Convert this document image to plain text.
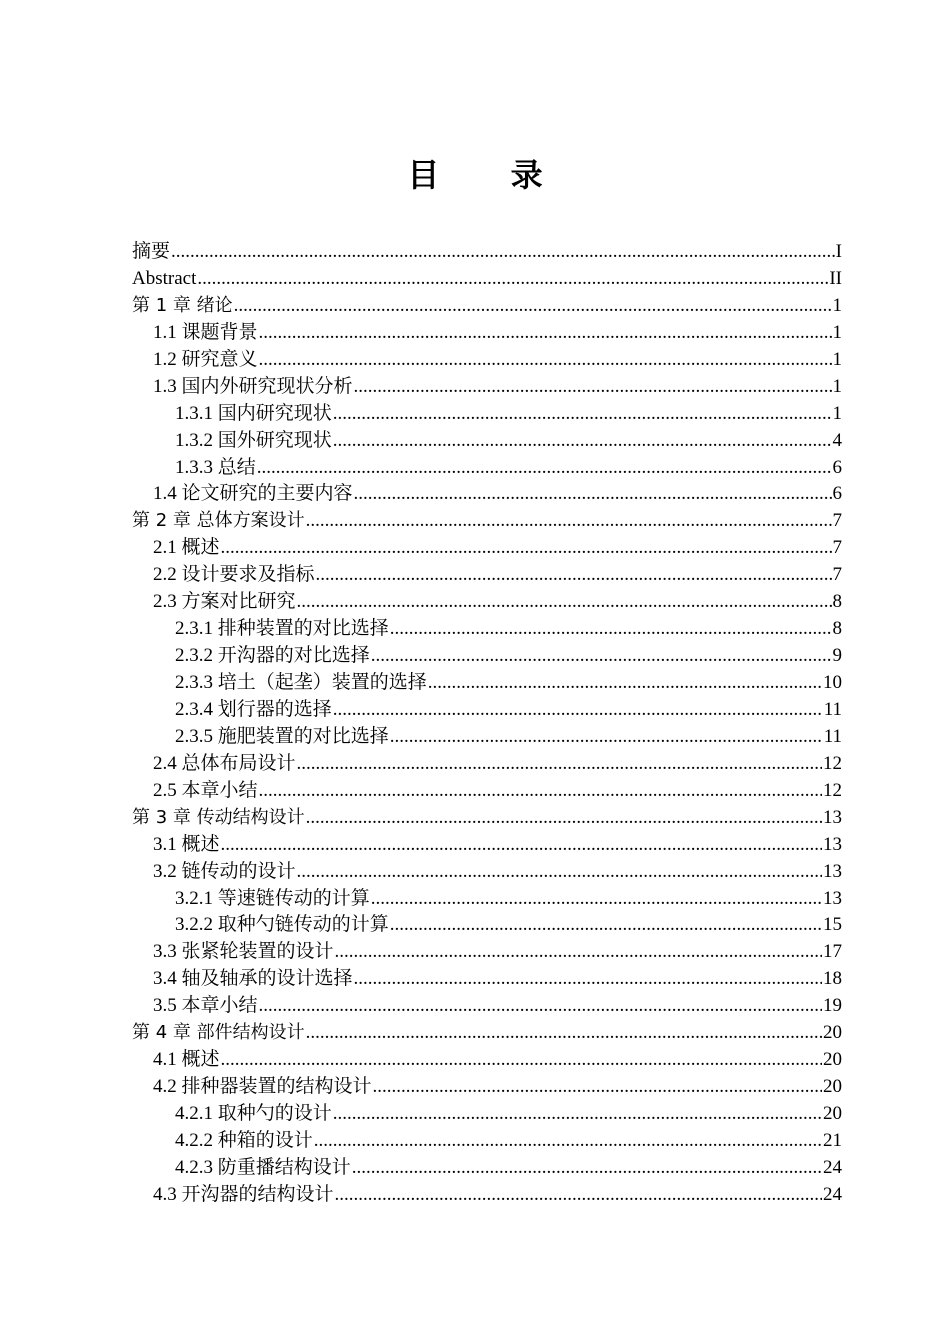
目 录
摘要 .....	I
Abstract .....	II
第 1 章 绪论 .....	1
1.1 课题背景 .....	1
1.2 研究意义 .....	1
1.3 国内外研究现状分析 .....	1
1.3.1 国内研究现状 .....	1
1.3.2 国外研究现状 .....	4
1.3.3 总结 .....	6
1.4 论文研究的主要内容 .....	6
第 2 章 总体方案设计 .....	7
2.1 概述 .....	7
2.2 设计要求及指标 .....	7
2.3 方案对比研究 .....	8
2.3.1 排种装置的对比选择 .....	8
2.3.2 开沟器的对比选择 .....	9
2.3.3 培土（起垄）装置的选择 .....	10
2.3.4 划行器的选择 .....	11
2.3.5 施肥装置的对比选择 .....	11
2.4 总体布局设计 .....	12
2.5 本章小结 .....	12
第 3 章 传动结构设计 .....	13
3.1 概述 .....	13
3.2 链传动的设计 .....	13
3.2.1 等速链传动的计算 .....	13
3.2.2 取种勺链传动的计算 .....	15
3.3 张紧轮装置的设计 .....	17
3.4 轴及轴承的设计选择 .....	18
3.5 本章小结 .....	19
第 4 章 部件结构设计 .....	20
4.1 概述 .....	20
4.2 排种器装置的结构设计 .....	20
4.2.1 取种勺的设计 .....	20
4.2.2 种箱的设计 .....	21
4.2.3 防重播结构设计 .....	24
4.3 开沟器的结构设计 .....	24
